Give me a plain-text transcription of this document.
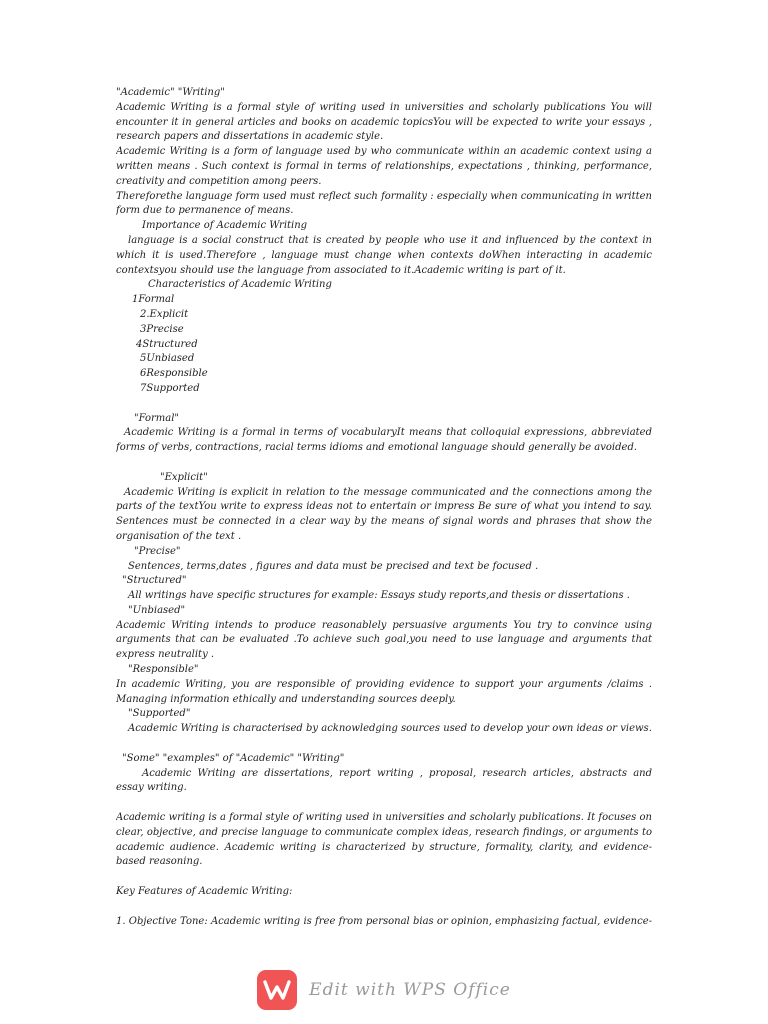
"Academic" "Writing"
Academic Writing is a formal style of writing used in universities and scholarly publications You will
encounter it in general articles and books on academic topicsYou will be expected to write your essays ,
research papers and dissertations in academic style.
Academic Writing is a form of language used by who communicate within an academic context using a
written means . Such context is formal in terms of relationships, expectations , thinking, performance,
creativity and competition among peers.
Thereforethe language form used must reflect such formality : especially when communicating in written
form due to permanence of means.
Importance of Academic Writing
language is a social construct that is created by people who use it and influenced by the context in
which it is used.Therefore , language must change when contexts doWhen interacting in academic
contextsyou should use the language from associated to it.Academic writing is part of it.
Characteristics of Academic Writing
1Formal
2.Explicit
3Precise
4Structured
5Unbiased
6Responsible
7Supported
"Formal"
Academic Writing is a formal in terms of vocabularyIt means that colloquial expressions, abbreviated
forms of verbs, contractions, racial terms idioms and emotional language should generally be avoided.
"Explicit"
Academic Writing is explicit in relation to the message communicated and the connections among the
parts of the textYou write to express ideas not to entertain or impress Be sure of what you intend to say.
Sentences must be connected in a clear way by the means of signal words and phrases that show the
organisation of the text .
"Precise"
Sentences, terms,dates , figures and data must be precised and text be focused .
"Structured"
All writings have specific structures for example: Essays study reports,and thesis or dissertations .
"Unbiased"
Academic Writing intends to produce reasonablely persuasive arguments You try to convince using
arguments that can be evaluated .To achieve such goal,you need to use language and arguments that
express neutrality .
"Responsible"
In academic Writing, you are responsible of providing evidence to support your arguments /claims .
Managing information ethically and understanding sources deeply.
"Supported"
Academic Writing is characterised by acknowledging sources used to develop your own ideas or views.
"Some" "examples" of "Academic" "Writing"
Academic Writing are dissertations, report writing , proposal, research articles, abstracts and
essay writing.
Academic writing is a formal style of writing used in universities and scholarly publications. It focuses on
clear, objective, and precise language to communicate complex ideas, research findings, or arguments to
academic audience. Academic writing is characterized by structure, formality, clarity, and evidence-
based reasoning.
Key Features of Academic Writing:
1. Objective Tone: Academic writing is free from personal bias or opinion, emphasizing factual, evidence-
Edit with WPS Office
